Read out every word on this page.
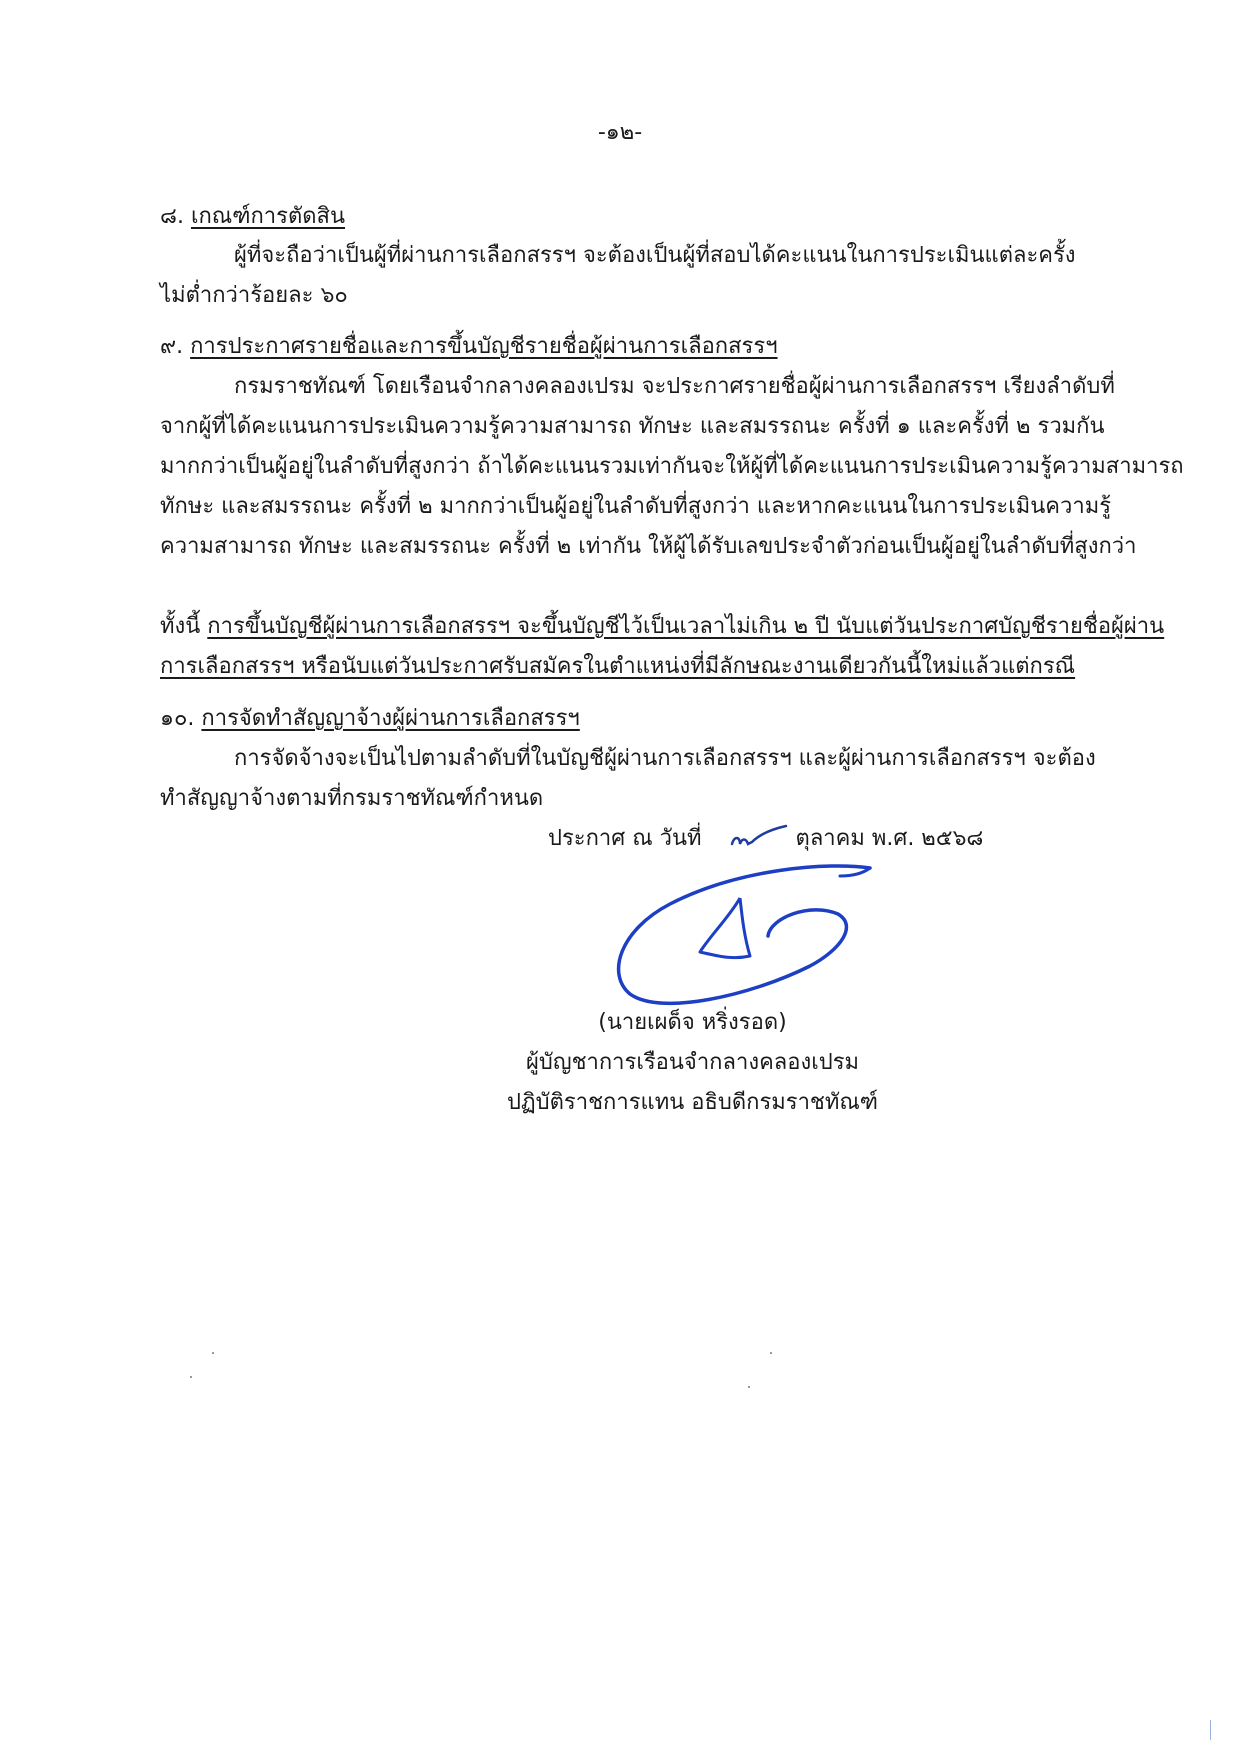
-๑๒-
๘. เกณฑ์การตัดสิน
ผู้ที่จะถือว่าเป็นผู้ที่ผ่านการเลือกสรรฯ จะต้องเป็นผู้ที่สอบได้คะแนนในการประเมินแต่ละครั้ง
ไม่ต่ำกว่าร้อยละ ๖๐
๙. การประกาศรายชื่อและการขึ้นบัญชีรายชื่อผู้ผ่านการเลือกสรรฯ
กรมราชทัณฑ์ โดยเรือนจำกลางคลองเปรม จะประกาศรายชื่อผู้ผ่านการเลือกสรรฯ เรียงลำดับที่
จากผู้ที่ได้คะแนนการประเมินความรู้ความสามารถ ทักษะ และสมรรถนะ ครั้งที่ ๑ และครั้งที่ ๒ รวมกัน
มากกว่าเป็นผู้อยู่ในลำดับที่สูงกว่า ถ้าได้คะแนนรวมเท่ากันจะให้ผู้ที่ได้คะแนนการประเมินความรู้ความสามารถ
ทักษะ และสมรรถนะ ครั้งที่ ๒ มากกว่าเป็นผู้อยู่ในลำดับที่สูงกว่า และหากคะแนนในการประเมินความรู้
ความสามารถ ทักษะ และสมรรถนะ ครั้งที่ ๒ เท่ากัน ให้ผู้ได้รับเลขประจำตัวก่อนเป็นผู้อยู่ในลำดับที่สูงกว่า
ทั้งนี้ การขึ้นบัญชีผู้ผ่านการเลือกสรรฯ จะขึ้นบัญชีไว้เป็นเวลาไม่เกิน ๒ ปี นับแต่วันประกาศบัญชีรายชื่อผู้ผ่าน
การเลือกสรรฯ หรือนับแต่วันประกาศรับสมัครในตำแหน่งที่มีลักษณะงานเดียวกันนี้ใหม่แล้วแต่กรณี
๑๐. การจัดทำสัญญาจ้างผู้ผ่านการเลือกสรรฯ
การจัดจ้างจะเป็นไปตามลำดับที่ในบัญชีผู้ผ่านการเลือกสรรฯ และผู้ผ่านการเลือกสรรฯ จะต้อง
ทำสัญญาจ้างตามที่กรมราชทัณฑ์กำหนด
ประกาศ ณ วันที่	ตุลาคม พ.ศ. ๒๕๖๘
(นายเผด็จ หริ่งรอด)
ผู้บัญชาการเรือนจำกลางคลองเปรม
ปฏิบัติราชการแทน อธิบดีกรมราชทัณฑ์
